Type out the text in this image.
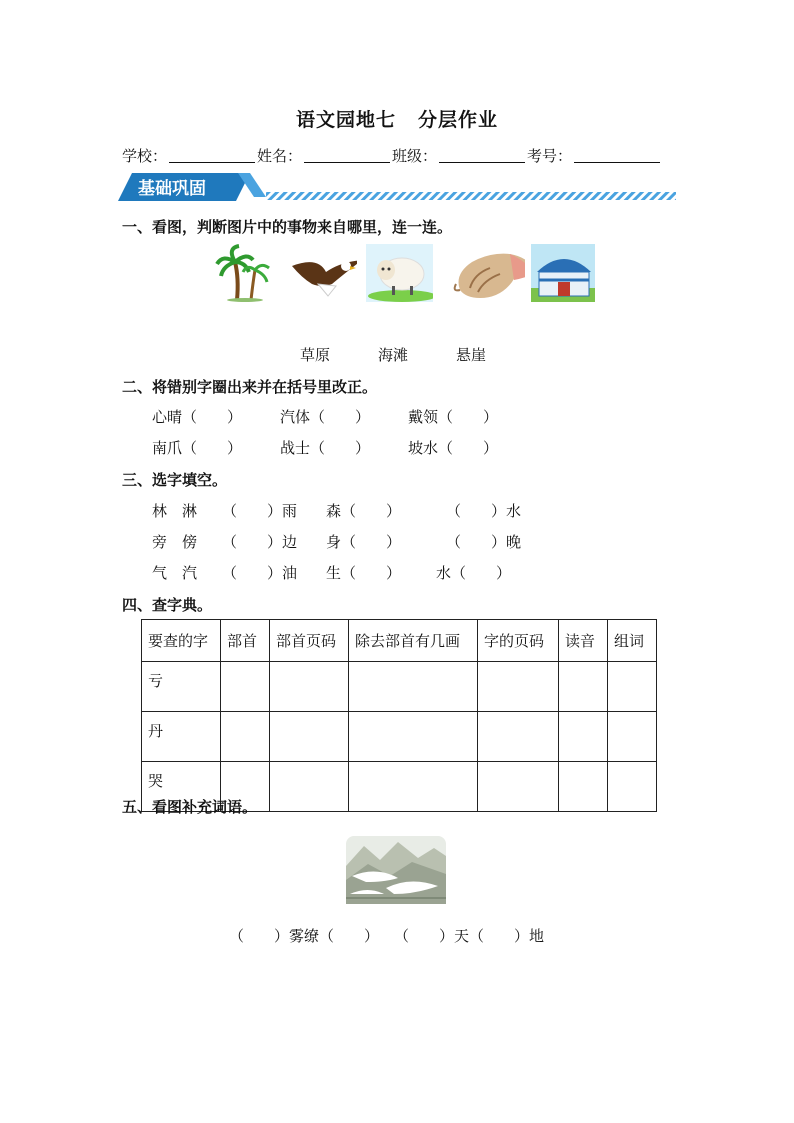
语文园地七 分层作业
学校：	姓名：	班级：	考号：
基础巩固
一、看图，判断图片中的事物来自哪里，连一连。
草原	海滩	悬崖
二、将错别字圈出来并在括号里改正。
心晴（　　）	汽体（　　）	戴领（　　）
南爪（　　）	战士（　　）	坡水（　　）
三、选字填空。
林　淋	（　　）雨	森（　　）	（　　）水
旁　傍	（　　）边	身（　　）	（　　）晚
气　汽	（　　）油	生（　　）	水（　　）
四、查字典。
要查的字	部首	部首页码	除去部首有几画	字的页码	读音	组词
亏						
丹						
哭						
五、看图补充词语。
（　　）雾缭（　　）　　（　　）天（　　）地
